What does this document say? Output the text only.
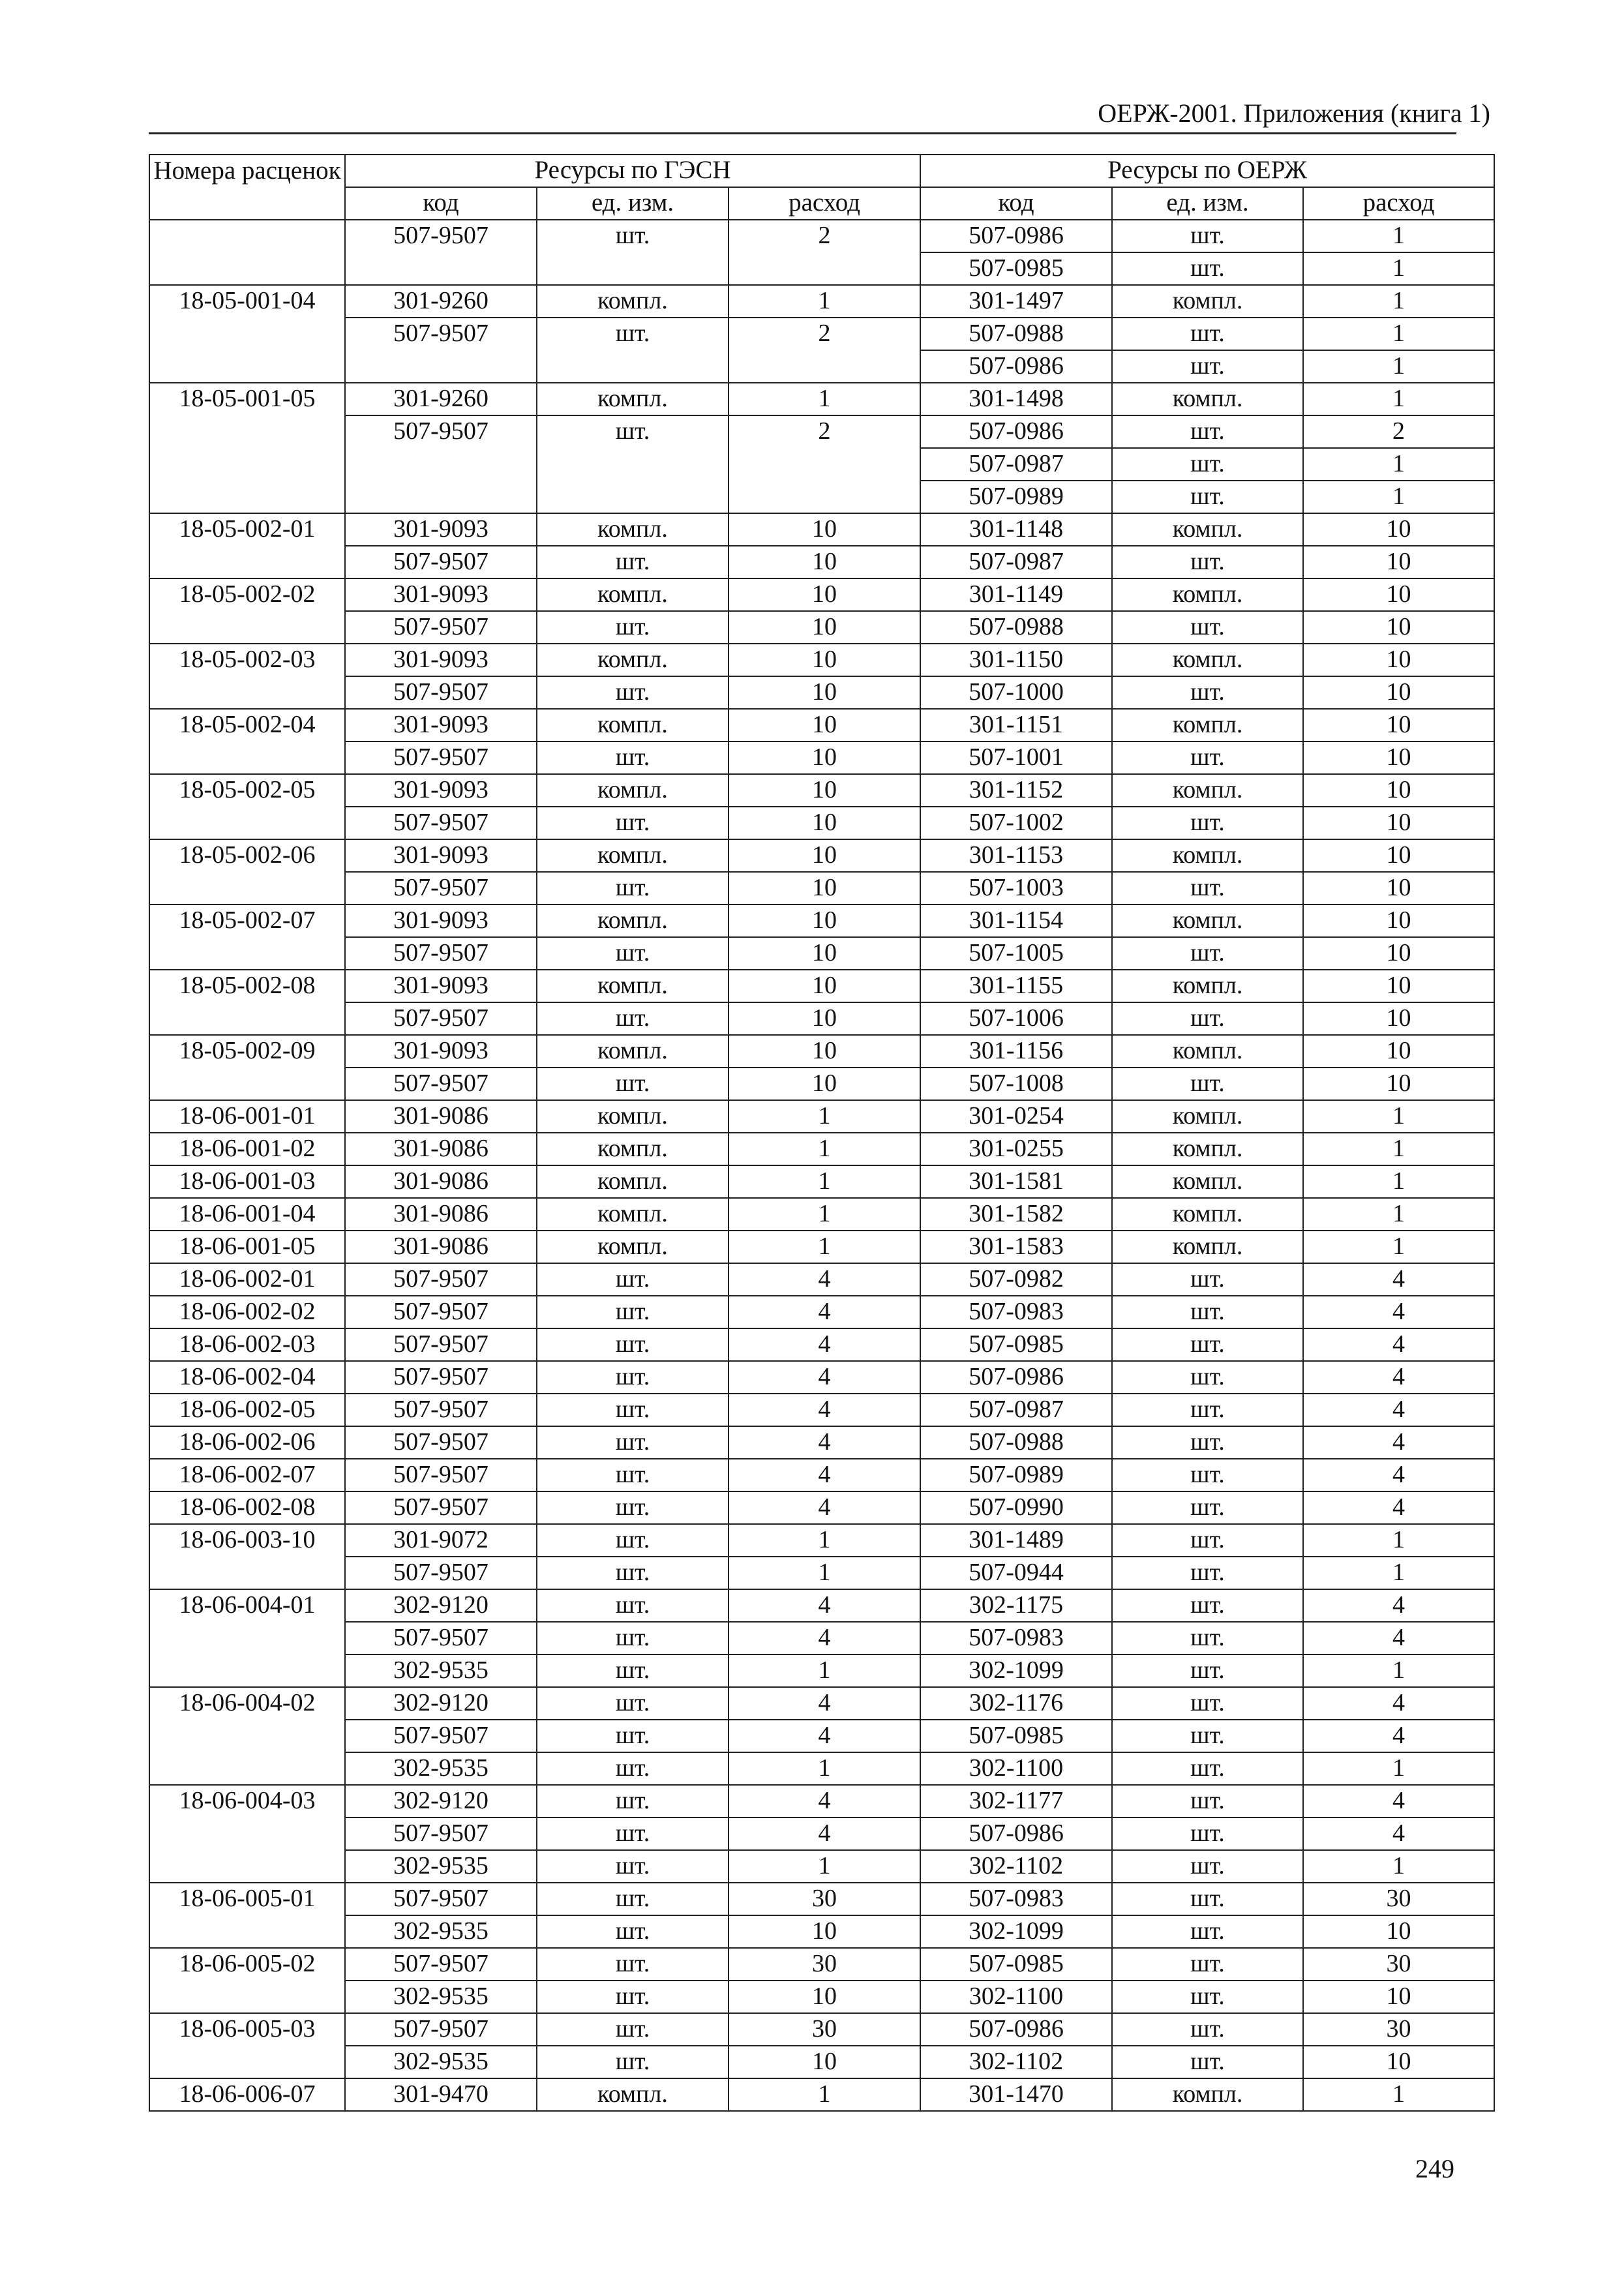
ОЕРЖ-2001. Приложения (книга 1)
Номера расценок	Ресурсы по ГЭСН			Ресурсы по ОЕРЖ		
	код	ед. изм.	расход	код	ед. изм.	расход
	507-9507	шт.	2	507-0986	шт.	1
				507-0985	шт.	1
18-05-001-04	301-9260	компл.	1	301-1497	компл.	1
	507-9507	шт.	2	507-0988	шт.	1
				507-0986	шт.	1
18-05-001-05	301-9260	компл.	1	301-1498	компл.	1
	507-9507	шт.	2	507-0986	шт.	2
				507-0987	шт.	1
				507-0989	шт.	1
18-05-002-01	301-9093	компл.	10	301-1148	компл.	10
	507-9507	шт.	10	507-0987	шт.	10
18-05-002-02	301-9093	компл.	10	301-1149	компл.	10
	507-9507	шт.	10	507-0988	шт.	10
18-05-002-03	301-9093	компл.	10	301-1150	компл.	10
	507-9507	шт.	10	507-1000	шт.	10
18-05-002-04	301-9093	компл.	10	301-1151	компл.	10
	507-9507	шт.	10	507-1001	шт.	10
18-05-002-05	301-9093	компл.	10	301-1152	компл.	10
	507-9507	шт.	10	507-1002	шт.	10
18-05-002-06	301-9093	компл.	10	301-1153	компл.	10
	507-9507	шт.	10	507-1003	шт.	10
18-05-002-07	301-9093	компл.	10	301-1154	компл.	10
	507-9507	шт.	10	507-1005	шт.	10
18-05-002-08	301-9093	компл.	10	301-1155	компл.	10
	507-9507	шт.	10	507-1006	шт.	10
18-05-002-09	301-9093	компл.	10	301-1156	компл.	10
	507-9507	шт.	10	507-1008	шт.	10
18-06-001-01	301-9086	компл.	1	301-0254	компл.	1
18-06-001-02	301-9086	компл.	1	301-0255	компл.	1
18-06-001-03	301-9086	компл.	1	301-1581	компл.	1
18-06-001-04	301-9086	компл.	1	301-1582	компл.	1
18-06-001-05	301-9086	компл.	1	301-1583	компл.	1
18-06-002-01	507-9507	шт.	4	507-0982	шт.	4
18-06-002-02	507-9507	шт.	4	507-0983	шт.	4
18-06-002-03	507-9507	шт.	4	507-0985	шт.	4
18-06-002-04	507-9507	шт.	4	507-0986	шт.	4
18-06-002-05	507-9507	шт.	4	507-0987	шт.	4
18-06-002-06	507-9507	шт.	4	507-0988	шт.	4
18-06-002-07	507-9507	шт.	4	507-0989	шт.	4
18-06-002-08	507-9507	шт.	4	507-0990	шт.	4
18-06-003-10	301-9072	шт.	1	301-1489	шт.	1
	507-9507	шт.	1	507-0944	шт.	1
18-06-004-01	302-9120	шт.	4	302-1175	шт.	4
	507-9507	шт.	4	507-0983	шт.	4
	302-9535	шт.	1	302-1099	шт.	1
18-06-004-02	302-9120	шт.	4	302-1176	шт.	4
	507-9507	шт.	4	507-0985	шт.	4
	302-9535	шт.	1	302-1100	шт.	1
18-06-004-03	302-9120	шт.	4	302-1177	шт.	4
	507-9507	шт.	4	507-0986	шт.	4
	302-9535	шт.	1	302-1102	шт.	1
18-06-005-01	507-9507	шт.	30	507-0983	шт.	30
	302-9535	шт.	10	302-1099	шт.	10
18-06-005-02	507-9507	шт.	30	507-0985	шт.	30
	302-9535	шт.	10	302-1100	шт.	10
18-06-005-03	507-9507	шт.	30	507-0986	шт.	30
	302-9535	шт.	10	302-1102	шт.	10
18-06-006-07	301-9470	компл.	1	301-1470	компл.	1
249
